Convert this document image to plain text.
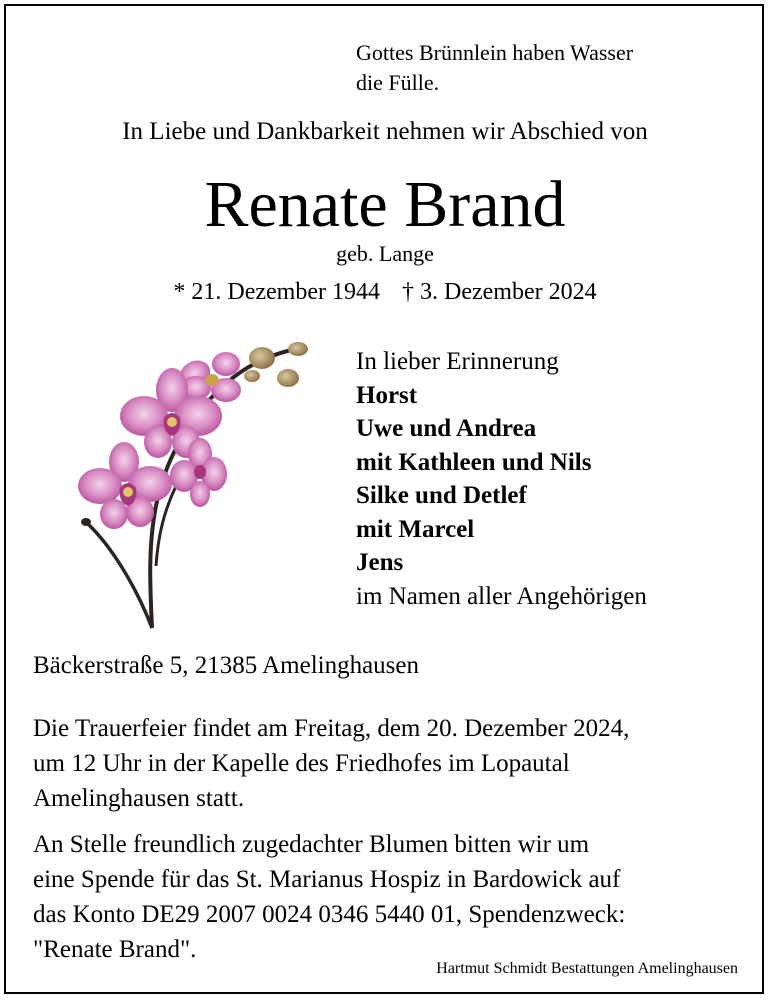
Gottes Brünnlein haben Wasser
die Fülle.
In Liebe und Dankbarkeit nehmen wir Abschied von
Renate Brand
geb. Lange
* 21. Dezember 1944 † 3. Dezember 2024
In lieber Erinnerung
Horst
Uwe und Andrea
mit Kathleen und Nils
Silke und Detlef
mit Marcel
Jens
im Namen aller Angehörigen
Bäckerstraße 5, 21385 Amelinghausen
Die Trauerfeier findet am Freitag, dem 20. Dezember 2024,
um 12 Uhr in der Kapelle des Friedhofes im Lopautal
Amelinghausen statt.
An Stelle freundlich zugedachter Blumen bitten wir um
eine Spende für das St. Marianus Hospiz in Bardowick auf
das Konto DE29 2007 0024 0346 5440 01, Spendenzweck:
"Renate Brand".
Hartmut Schmidt Bestattungen Amelinghausen
